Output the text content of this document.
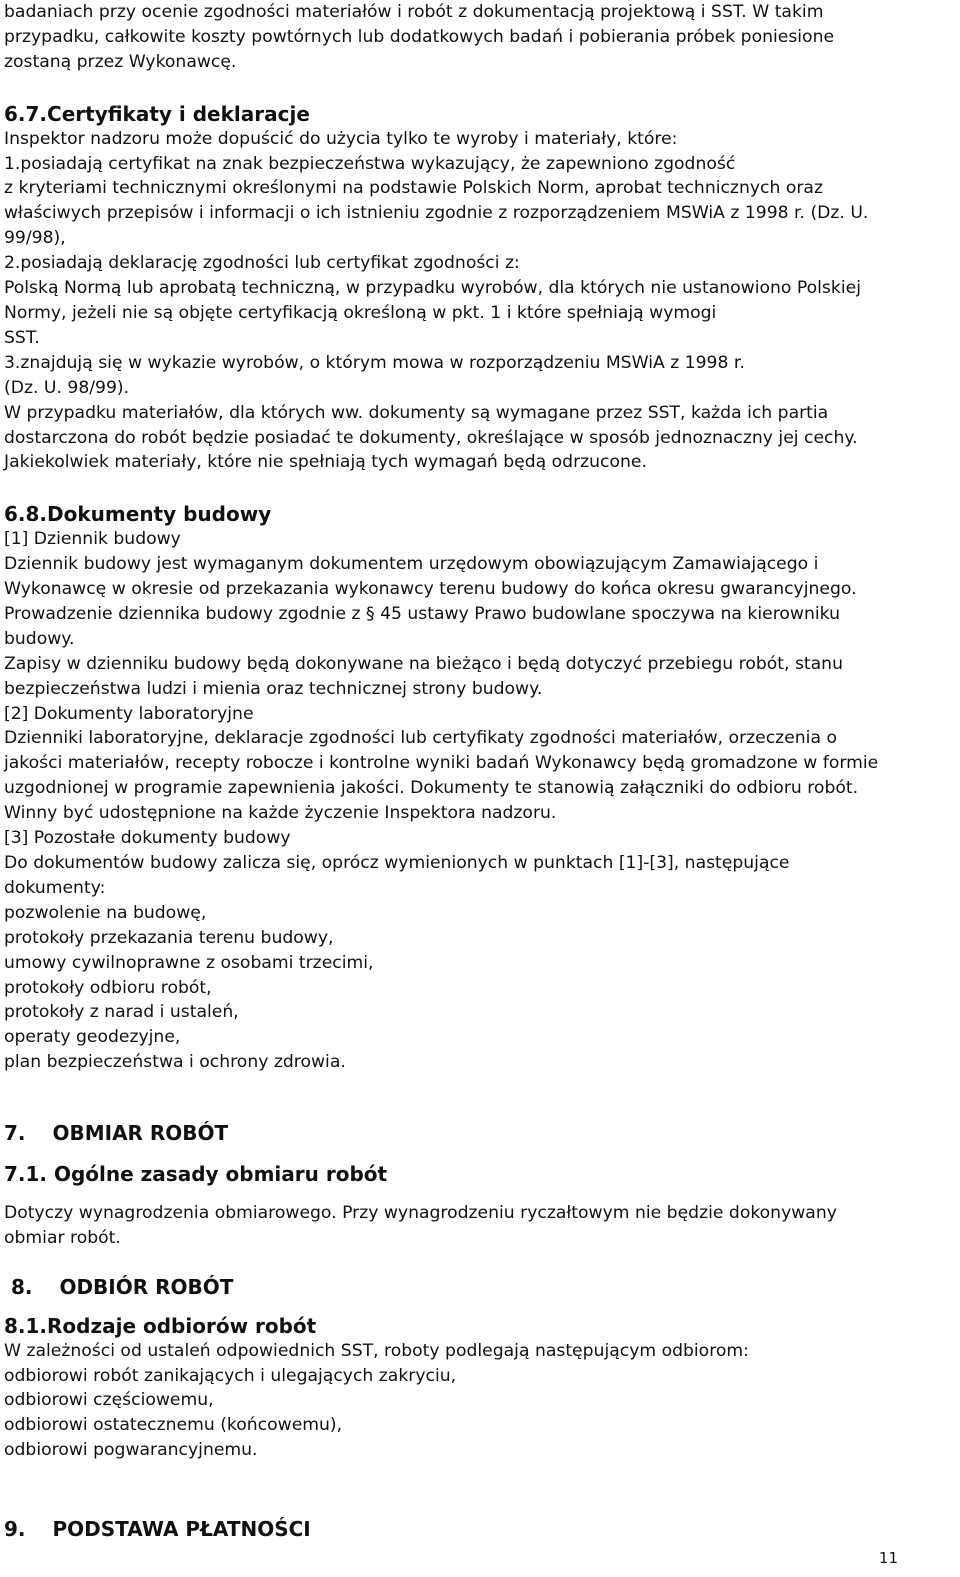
badaniach przy ocenie zgodności materiałów i robót z dokumentacją projektową i SST. W takim
przypadku, całkowite koszty powtórnych lub dodatkowych badań i pobierania próbek poniesione
zostaną przez Wykonawcę.
6.7.Certyfikaty i deklaracje
Inspektor nadzoru może dopuścić do użycia tylko te wyroby i materiały, które:
1.posiadają certyfikat na znak bezpieczeństwa wykazujący, że zapewniono zgodność
z kryteriami technicznymi określonymi na podstawie Polskich Norm, aprobat technicznych oraz
właściwych przepisów i informacji o ich istnieniu zgodnie z rozporządzeniem MSWiA z 1998 r. (Dz. U.
99/98),
2.posiadają deklarację zgodności lub certyfikat zgodności z:
Polską Normą lub aprobatą techniczną, w przypadku wyrobów, dla których nie ustanowiono Polskiej
Normy, jeżeli nie są objęte certyfikacją określoną w pkt. 1 i które spełniają wymogi
SST.
3.znajdują się w wykazie wyrobów, o którym mowa w rozporządzeniu MSWiA z 1998 r.
(Dz. U. 98/99).
W przypadku materiałów, dla których ww. dokumenty są wymagane przez SST, każda ich partia
dostarczona do robót będzie posiadać te dokumenty, określające w sposób jednoznaczny jej cechy.
Jakiekolwiek materiały, które nie spełniają tych wymagań będą odrzucone.
6.8.Dokumenty budowy
[1] Dziennik budowy
Dziennik budowy jest wymaganym dokumentem urzędowym obowiązującym Zamawiającego i
Wykonawcę w okresie od przekazania wykonawcy terenu budowy do końca okresu gwarancyjnego.
Prowadzenie dziennika budowy zgodnie z § 45 ustawy Prawo budowlane spoczywa na kierowniku
budowy.
Zapisy w dzienniku budowy będą dokonywane na bieżąco i będą dotyczyć przebiegu robót, stanu
bezpieczeństwa ludzi i mienia oraz technicznej strony budowy.
[2] Dokumenty laboratoryjne
Dzienniki laboratoryjne, deklaracje zgodności lub certyfikaty zgodności materiałów, orzeczenia o
jakości materiałów, recepty robocze i kontrolne wyniki badań Wykonawcy będą gromadzone w formie
uzgodnionej w programie zapewnienia jakości. Dokumenty te stanowią załączniki do odbioru robót.
Winny być udostępnione na każde życzenie Inspektora nadzoru.
[3] Pozostałe dokumenty budowy
Do dokumentów budowy zalicza się, oprócz wymienionych w punktach [1]-[3], następujące
dokumenty:
pozwolenie na budowę,
protokoły przekazania terenu budowy,
umowy cywilnoprawne z osobami trzecimi,
protokoły odbioru robót,
protokoły z narad i ustaleń,
operaty geodezyjne,
plan bezpieczeństwa i ochrony zdrowia.
7.  OBMIAR ROBÓT
7.1. Ogólne zasady obmiaru robót
Dotyczy wynagrodzenia obmiarowego. Przy wynagrodzeniu ryczałtowym nie będzie dokonywany
obmiar robót.
8.  ODBIÓR ROBÓT
8.1.Rodzaje odbiorów robót
W zależności od ustaleń odpowiednich SST, roboty podlegają następującym odbiorom:
odbiorowi robót zanikających i ulegających zakryciu,
odbiorowi częściowemu,
odbiorowi ostatecznemu (końcowemu),
odbiorowi pogwarancyjnemu.
9.  PODSTAWA PŁATNOŚCI
11
